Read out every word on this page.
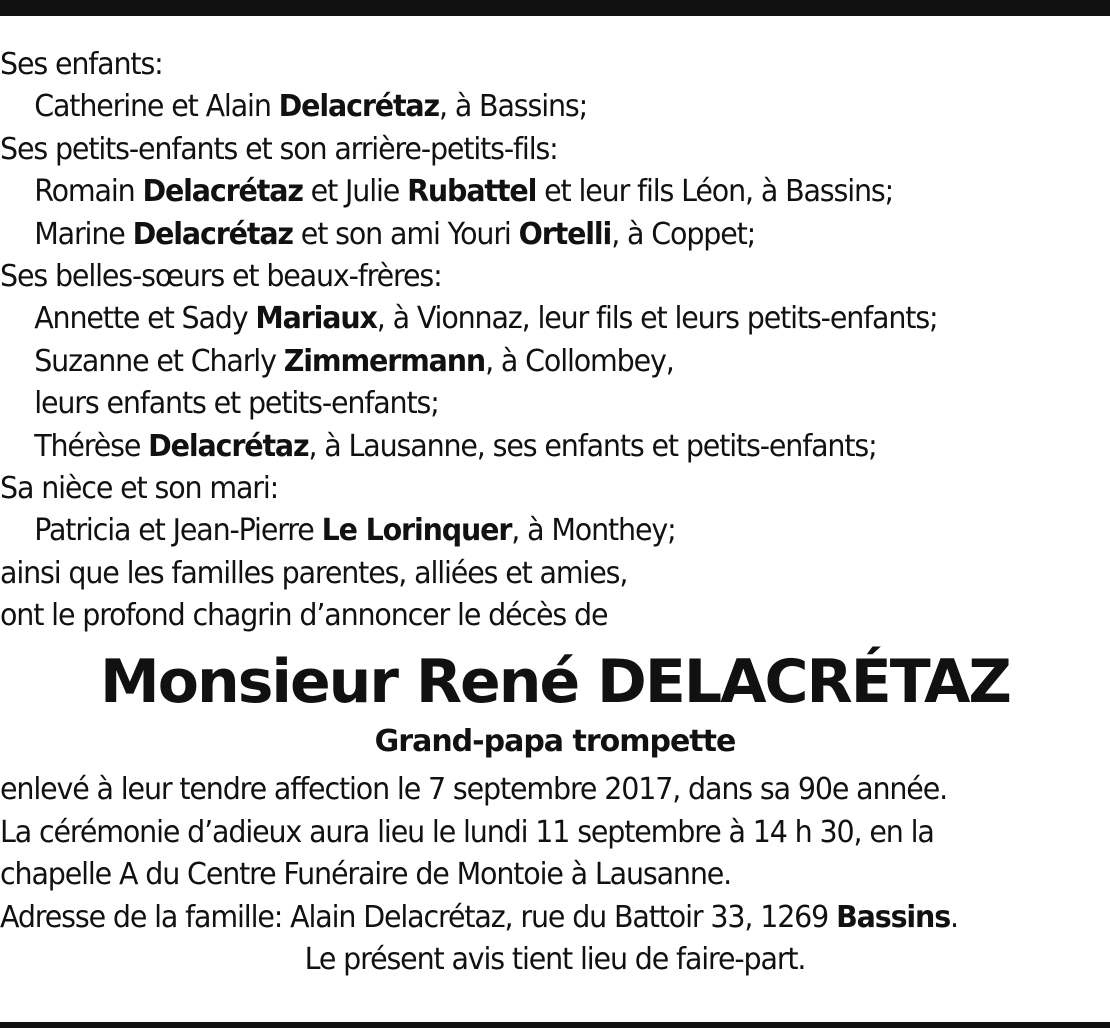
Ses enfants:
Catherine et Alain Delacrétaz, à Bassins;
Ses petits-enfants et son arrière-petits-fils:
Romain Delacrétaz et Julie Rubattel et leur fils Léon, à Bassins;
Marine Delacrétaz et son ami Youri Ortelli, à Coppet;
Ses belles-sœurs et beaux-frères:
Annette et Sady Mariaux, à Vionnaz, leur fils et leurs petits-enfants;
Suzanne et Charly Zimmermann, à Collombey,
leurs enfants et petits-enfants;
Thérèse Delacrétaz, à Lausanne, ses enfants et petits-enfants;
Sa nièce et son mari:
Patricia et Jean-Pierre Le Lorinquer, à Monthey;
ainsi que les familles parentes, alliées et amies,
ont le profond chagrin d’annoncer le décès de
Monsieur René DELACRÉTAZ
Grand-papa trompette
enlevé à leur tendre affection le 7 septembre 2017, dans sa 90e année.
La cérémonie d’adieux aura lieu le lundi 11 septembre à 14 h 30, en la
chapelle A du Centre Funéraire de Montoie à Lausanne.
Adresse de la famille: Alain Delacrétaz, rue du Battoir 33, 1269 Bassins.
Le présent avis tient lieu de faire-part.
